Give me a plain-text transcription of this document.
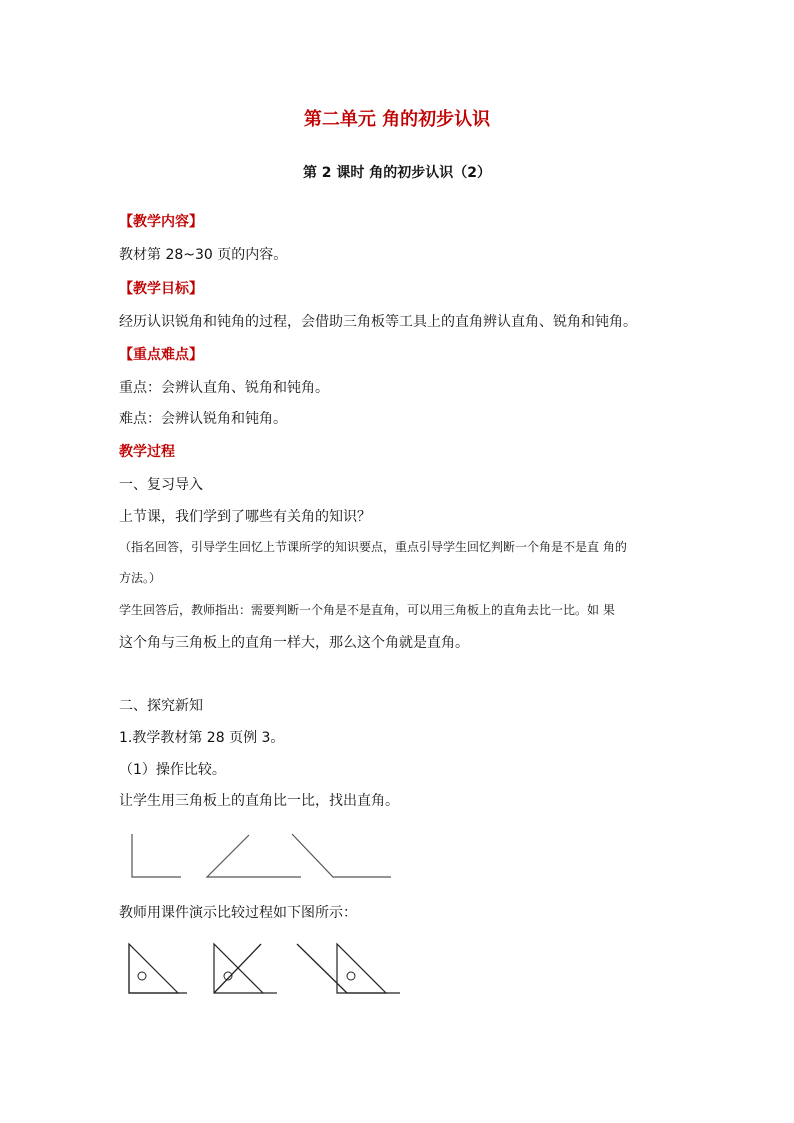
第二单元 角的初步认识
第 2 课时 角的初步认识（2）
【教学内容】
教材第 28~30 页的内容。
【教学目标】
经历认识锐角和钝角的过程，会借助三角板等工具上的直角辨认直角、锐角和钝角。
【重点难点】
重点：会辨认直角、锐角和钝角。
难点：会辨认锐角和钝角。
教学过程
一、复习导入
上节课，我们学到了哪些有关角的知识？
（指名回答，引导学生回忆上节课所学的知识要点，重点引导学生回忆判断一个角是不是直 角的
方法。）
学生回答后，教师指出：需要判断一个角是不是直角，可以用三角板上的直角去比一比。如 果
这个角与三角板上的直角一样大，那么这个角就是直角。
二、探究新知
1.教学教材第 28 页例 3。
（1）操作比较。
让学生用三角板上的直角比一比，找出直角。
教师用课件演示比较过程如下图所示：
